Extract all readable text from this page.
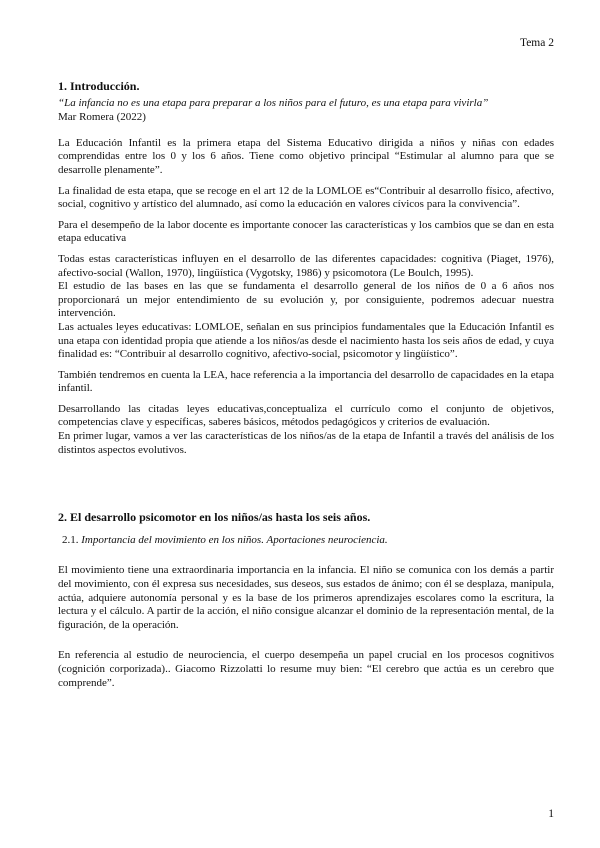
Tema 2
1. Introducción.
“La infancia no es una etapa para preparar a los niños para el futuro, es una etapa para vivirla”
Mar Romera (2022)
La Educación Infantil es la primera etapa del Sistema Educativo dirigida a niños y niñas con edades comprendidas entre los 0 y los 6 años. Tiene como objetivo principal “Estimular al alumno para que se desarrolle plenamente”.
La finalidad de esta etapa, que se recoge en el art 12 de la LOMLOE es“Contribuir al desarrollo físico, afectivo, social, cognitivo y artístico del alumnado, así como la educación en valores cívicos para la convivencia”.
Para el desempeño de la labor docente es importante conocer las características y los cambios que se dan en esta etapa educativa
Todas estas características influyen en el desarrollo de las diferentes capacidades: cognitiva (Piaget, 1976), afectivo-social (Wallon, 1970), lingüística (Vygotsky, 1986) y psicomotora (Le Boulch, 1995).
El estudio de las bases en las que se fundamenta el desarrollo general de los niños de 0 a 6 años nos proporcionará un mejor entendimiento de su evolución y, por consiguiente, podremos adecuar nuestra intervención.
Las actuales leyes educativas: LOMLOE, señalan en sus principios fundamentales que la Educación Infantil es una etapa con identidad propia que atiende a los niños/as desde el nacimiento hasta los seis años de edad, y cuya finalidad es: “Contribuir al desarrollo cognitivo, afectivo-social, psicomotor y lingüístico”.
También tendremos en cuenta la LEA, hace referencia a la importancia del desarrollo de capacidades en la etapa infantil.
Desarrollando las citadas leyes educativas,conceptualiza el currículo como el conjunto de objetivos, competencias clave y específicas, saberes básicos, métodos pedagógicos y criterios de evaluación.
En primer lugar, vamos a ver las características de los niños/as de la etapa de Infantil a través del análisis de los distintos aspectos evolutivos.
2. El desarrollo psicomotor en los niños/as hasta los seis años.
2.1. Importancia del movimiento en los niños. Aportaciones neurociencia.
El movimiento tiene una extraordinaria importancia en la infancia. El niño se comunica con los demás a partir del movimiento, con él expresa sus necesidades, sus deseos, sus estados de ánimo; con él se desplaza, manipula, actúa, adquiere autonomía personal y es la base de los primeros aprendizajes escolares como la escritura, la lectura y el cálculo. A partir de la acción, el niño consigue alcanzar el dominio de la representación mental, de la figuración, de la operación.
En referencia al estudio de neurociencia, el cuerpo desempeña un papel crucial en los procesos cognitivos (cognición corporizada).. Giacomo Rizzolatti lo resume muy bien: “El cerebro que actúa es un cerebro que comprende”.
1
